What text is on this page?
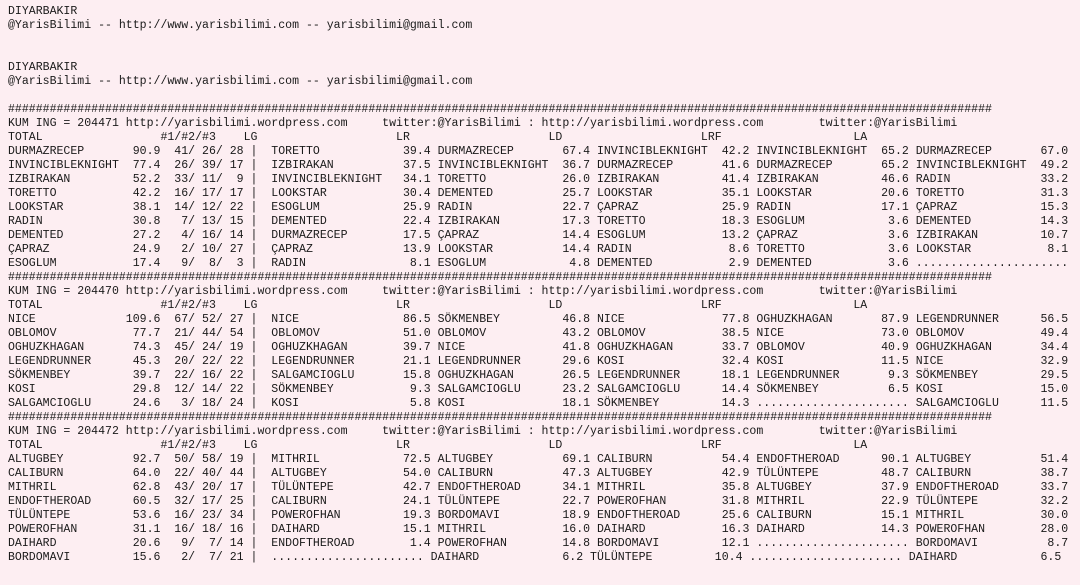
DIYARBAKIR
@YarisBilimi -- http://www.yarisbilimi.com -- yarisbilimi@gmail.com
DIYARBAKIR
@YarisBilimi -- http://www.yarisbilimi.com -- yarisbilimi@gmail.com
##############################################################################################################################################
KUM ING = 204471 http://yarisbilimi.wordpress.com     twitter:@YarisBilimi : http://yarisbilimi.wordpress.com        twitter:@YarisBilimi
TOTAL                 #1/#2/#3    LG                    LR                    LD                    LRF                   LA
DURMAZRECEP       90.9  41/ 26/ 28 |  TORETTO            39.4 DURMAZRECEP       67.4 INVINCIBLEKNIGHT  42.2 INVINCIBLEKNIGHT  65.2 DURMAZRECEP       67.0
INVINCIBLEKNIGHT  77.4  26/ 39/ 17 |  IZBIRAKAN          37.5 INVINCIBLEKNIGHT  36.7 DURMAZRECEP       41.6 DURMAZRECEP       65.2 INVINCIBLEKNIGHT  49.2
IZBIRAKAN         52.2  33/ 11/  9 |  INVINCIBLEKNIGHT   34.1 TORETTO           26.0 IZBIRAKAN         41.4 IZBIRAKAN         46.6 RADIN             33.2
TORETTO           42.2  16/ 17/ 17 |  LOOKSTAR           30.4 DEMENTED          25.7 LOOKSTAR          35.1 LOOKSTAR          20.6 TORETTO           31.3
LOOKSTAR          38.1  14/ 12/ 22 |  ESOGLUM            25.9 RADIN             22.7 ÇAPRAZ            25.9 RADIN             17.1 ÇAPRAZ            15.3
RADIN             30.8   7/ 13/ 15 |  DEMENTED           22.4 IZBIRAKAN         17.3 TORETTO           18.3 ESOGLUM            3.6 DEMENTED          14.3
DEMENTED          27.2   4/ 16/ 14 |  DURMAZRECEP        17.5 ÇAPRAZ            14.4 ESOGLUM           13.2 ÇAPRAZ             3.6 IZBIRAKAN         10.7
ÇAPRAZ            24.9   2/ 10/ 27 |  ÇAPRAZ             13.9 LOOKSTAR          14.4 RADIN              8.6 TORETTO            3.6 LOOKSTAR           8.1
ESOGLUM           17.4   9/  8/  3 |  RADIN               8.1 ESOGLUM            4.8 DEMENTED           2.9 DEMENTED           3.6 ......................
##############################################################################################################################################
KUM ING = 204470 http://yarisbilimi.wordpress.com     twitter:@YarisBilimi : http://yarisbilimi.wordpress.com        twitter:@YarisBilimi
TOTAL                 #1/#2/#3    LG                    LR                    LD                    LRF                   LA
NICE             109.6  67/ 52/ 27 |  NICE               86.5 SÖKMENBEY         46.8 NICE              77.8 OGHUZKHAGAN       87.9 LEGENDRUNNER      56.5
OBLOMOV           77.7  21/ 44/ 54 |  OBLOMOV            51.0 OBLOMOV           43.2 OBLOMOV           38.5 NICE              73.0 OBLOMOV           49.4
OGHUZKHAGAN       74.3  45/ 24/ 19 |  OGHUZKHAGAN        39.7 NICE              41.8 OGHUZKHAGAN       33.7 OBLOMOV           40.9 OGHUZKHAGAN       34.4
LEGENDRUNNER      45.3  20/ 22/ 22 |  LEGENDRUNNER       21.1 LEGENDRUNNER      29.6 KOSI              32.4 KOSI              11.5 NICE              32.9
SÖKMENBEY         39.7  22/ 16/ 22 |  SALGAMCIOGLU       15.8 OGHUZKHAGAN       26.5 LEGENDRUNNER      18.1 LEGENDRUNNER       9.3 SÖKMENBEY         29.5
KOSI              29.8  12/ 14/ 22 |  SÖKMENBEY           9.3 SALGAMCIOGLU      23.2 SALGAMCIOGLU      14.4 SÖKMENBEY          6.5 KOSI              15.0
SALGAMCIOGLU      24.6   3/ 18/ 24 |  KOSI                5.8 KOSI              18.1 SÖKMENBEY         14.3 ...................... SALGAMCIOGLU      11.5
##############################################################################################################################################
KUM ING = 204472 http://yarisbilimi.wordpress.com     twitter:@YarisBilimi : http://yarisbilimi.wordpress.com        twitter:@YarisBilimi
TOTAL                 #1/#2/#3    LG                    LR                    LD                    LRF                   LA
ALTUGBEY          92.7  50/ 58/ 19 |  MITHRIL            72.5 ALTUGBEY          69.1 CALIBURN          54.4 ENDOFTHEROAD      90.1 ALTUGBEY          51.4
CALIBURN          64.0  22/ 40/ 44 |  ALTUGBEY           54.0 CALIBURN          47.3 ALTUGBEY          42.9 TÜLÜNTEPE         48.7 CALIBURN          38.7
MITHRIL           62.8  43/ 20/ 17 |  TÜLÜNTEPE          42.7 ENDOFTHEROAD      34.1 MITHRIL           35.8 ALTUGBEY          37.9 ENDOFTHEROAD      33.7
ENDOFTHEROAD      60.5  32/ 17/ 25 |  CALIBURN           24.1 TÜLÜNTEPE         22.7 POWEROFHAN        31.8 MITHRIL           22.9 TÜLÜNTEPE         32.2
TÜLÜNTEPE         53.6  16/ 23/ 34 |  POWEROFHAN         19.3 BORDOMAVI         18.9 ENDOFTHEROAD      25.6 CALIBURN          15.1 MITHRIL           30.0
POWEROFHAN        31.1  16/ 18/ 16 |  DAIHARD            15.1 MITHRIL           16.0 DAIHARD           16.3 DAIHARD           14.3 POWEROFHAN        28.0
DAIHARD           20.6   9/  7/ 14 |  ENDOFTHEROAD        1.4 POWEROFHAN        14.8 BORDOMAVI         12.1 ...................... BORDOMAVI          8.7
BORDOMAVI         15.6   2/  7/ 21 |  ...................... DAIHARD            6.2 TÜLÜNTEPE         10.4 ...................... DAIHARD            6.5
